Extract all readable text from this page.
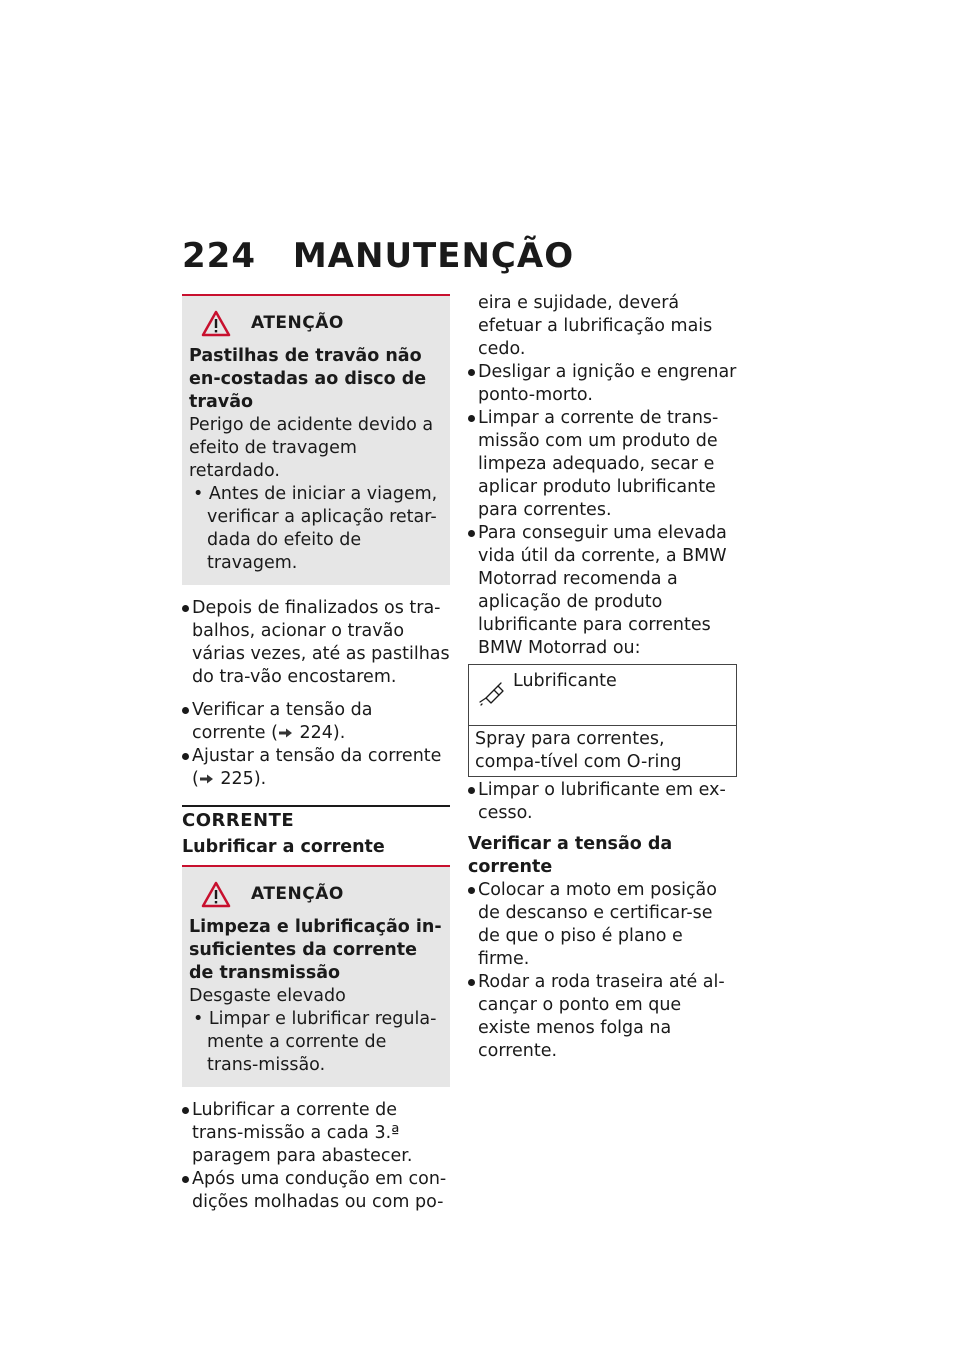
224 MANUTENÇÃO
ATENÇÃO
Pastilhas de travão não en-costadas ao disco de travão
Perigo de acidente devido a efeito de travagem retardado.
• Antes de iniciar a viagem, verificar a aplicação retar-dada do efeito de travagem.
Depois de finalizados os tra-balhos, acionar o travão várias vezes, até as pastilhas do tra-vão encostarem.
Verificar a tensão da corrente ( 224).
Ajustar a tensão da corrente ( 225).
CORRENTE
Lubrificar a corrente
ATENÇÃO
Limpeza e lubrificação in-suficientes da corrente de transmissão
Desgaste elevado
• Limpar e lubrificar regula-mente a corrente de trans-missão.
Lubrificar a corrente de trans-missão a cada 3.ª paragem para abastecer.
Após uma condução em con-dições molhadas ou com po-
eira e sujidade, deverá efetuar a lubrificação mais cedo.
Desligar a ignição e engrenar ponto-morto.
Limpar a corrente de trans-missão com um produto de limpeza adequado, secar e aplicar produto lubrificante para correntes.
Para conseguir uma elevada vida útil da corrente, a BMW Motorrad recomenda a aplicação de produto lubrificante para correntes BMW Motorrad ou:
Lubrificante
Spray para correntes, compa-tível com O-ring
Limpar o lubrificante em ex-cesso.
Verificar a tensão da corrente
Colocar a moto em posição de descanso e certificar-se de que o piso é plano e firme.
Rodar a roda traseira até al-cançar o ponto em que existe menos folga na corrente.
